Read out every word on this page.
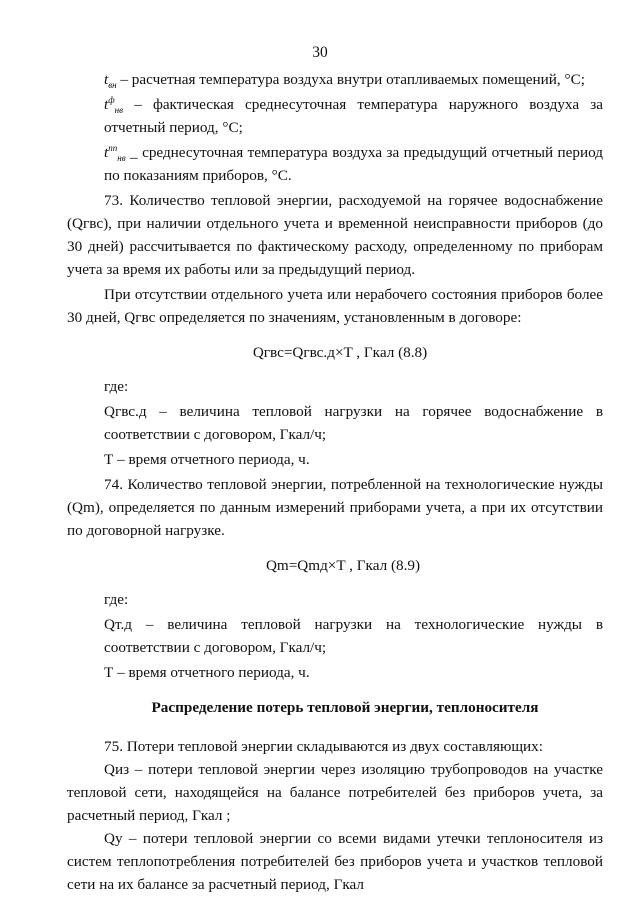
30

$t_{вн}$ – расчетная температура воздуха внутри отапливаемых помещений, °С;

$t^ф_{нв}$ – фактическая среднесуточная температура наружного воздуха за отчетный период, °С;

$t^{пп}_{нв}$ _ среднесуточная температура воздуха за предыдущий отчетный период по показаниям приборов, °С.

73. Количество тепловой энергии, расходуемой на горячее водоснабжение (Qгвс), при наличии отдельного учета и временной неисправности приборов (до 30 дней) рассчитывается по фактическому расходу, определенному по приборам учета за время их работы или за предыдущий период.

При отсутствии отдельного учета или нерабочего состояния приборов более 30 дней, Qгвс определяется по значениям, установленным в договоре:

Qгвс=Qгвс.д×T , Гкал (8.8)

где:

Qгвс.д – величина тепловой нагрузки на горячее водоснабжение в соответствии с договором, Гкал/ч;

Т – время отчетного периода, ч.

74. Количество тепловой энергии, потребленной на технологические нужды (Qm), определяется по данным измерений приборами учета, а при их отсутствии по договорной нагрузке.

Qm=Qmд×T , Гкал (8.9)

где:

Qт.д – величина тепловой нагрузки на технологические нужды в соответствии с договором, Гкал/ч;

Т – время отчетного периода, ч.

Распределение потерь тепловой энергии, теплоносителя

75. Потери тепловой энергии складываются из двух составляющих:

Qиз – потери тепловой энергии через изоляцию трубопроводов на участке тепловой сети, находящейся на балансе потребителей без приборов учета, за расчетный период, Гкал ;

Qу – потери тепловой энергии со всеми видами утечки теплоносителя из систем теплопотребления потребителей без приборов учета и участков тепловой сети на их балансе за расчетный период, Гкал
